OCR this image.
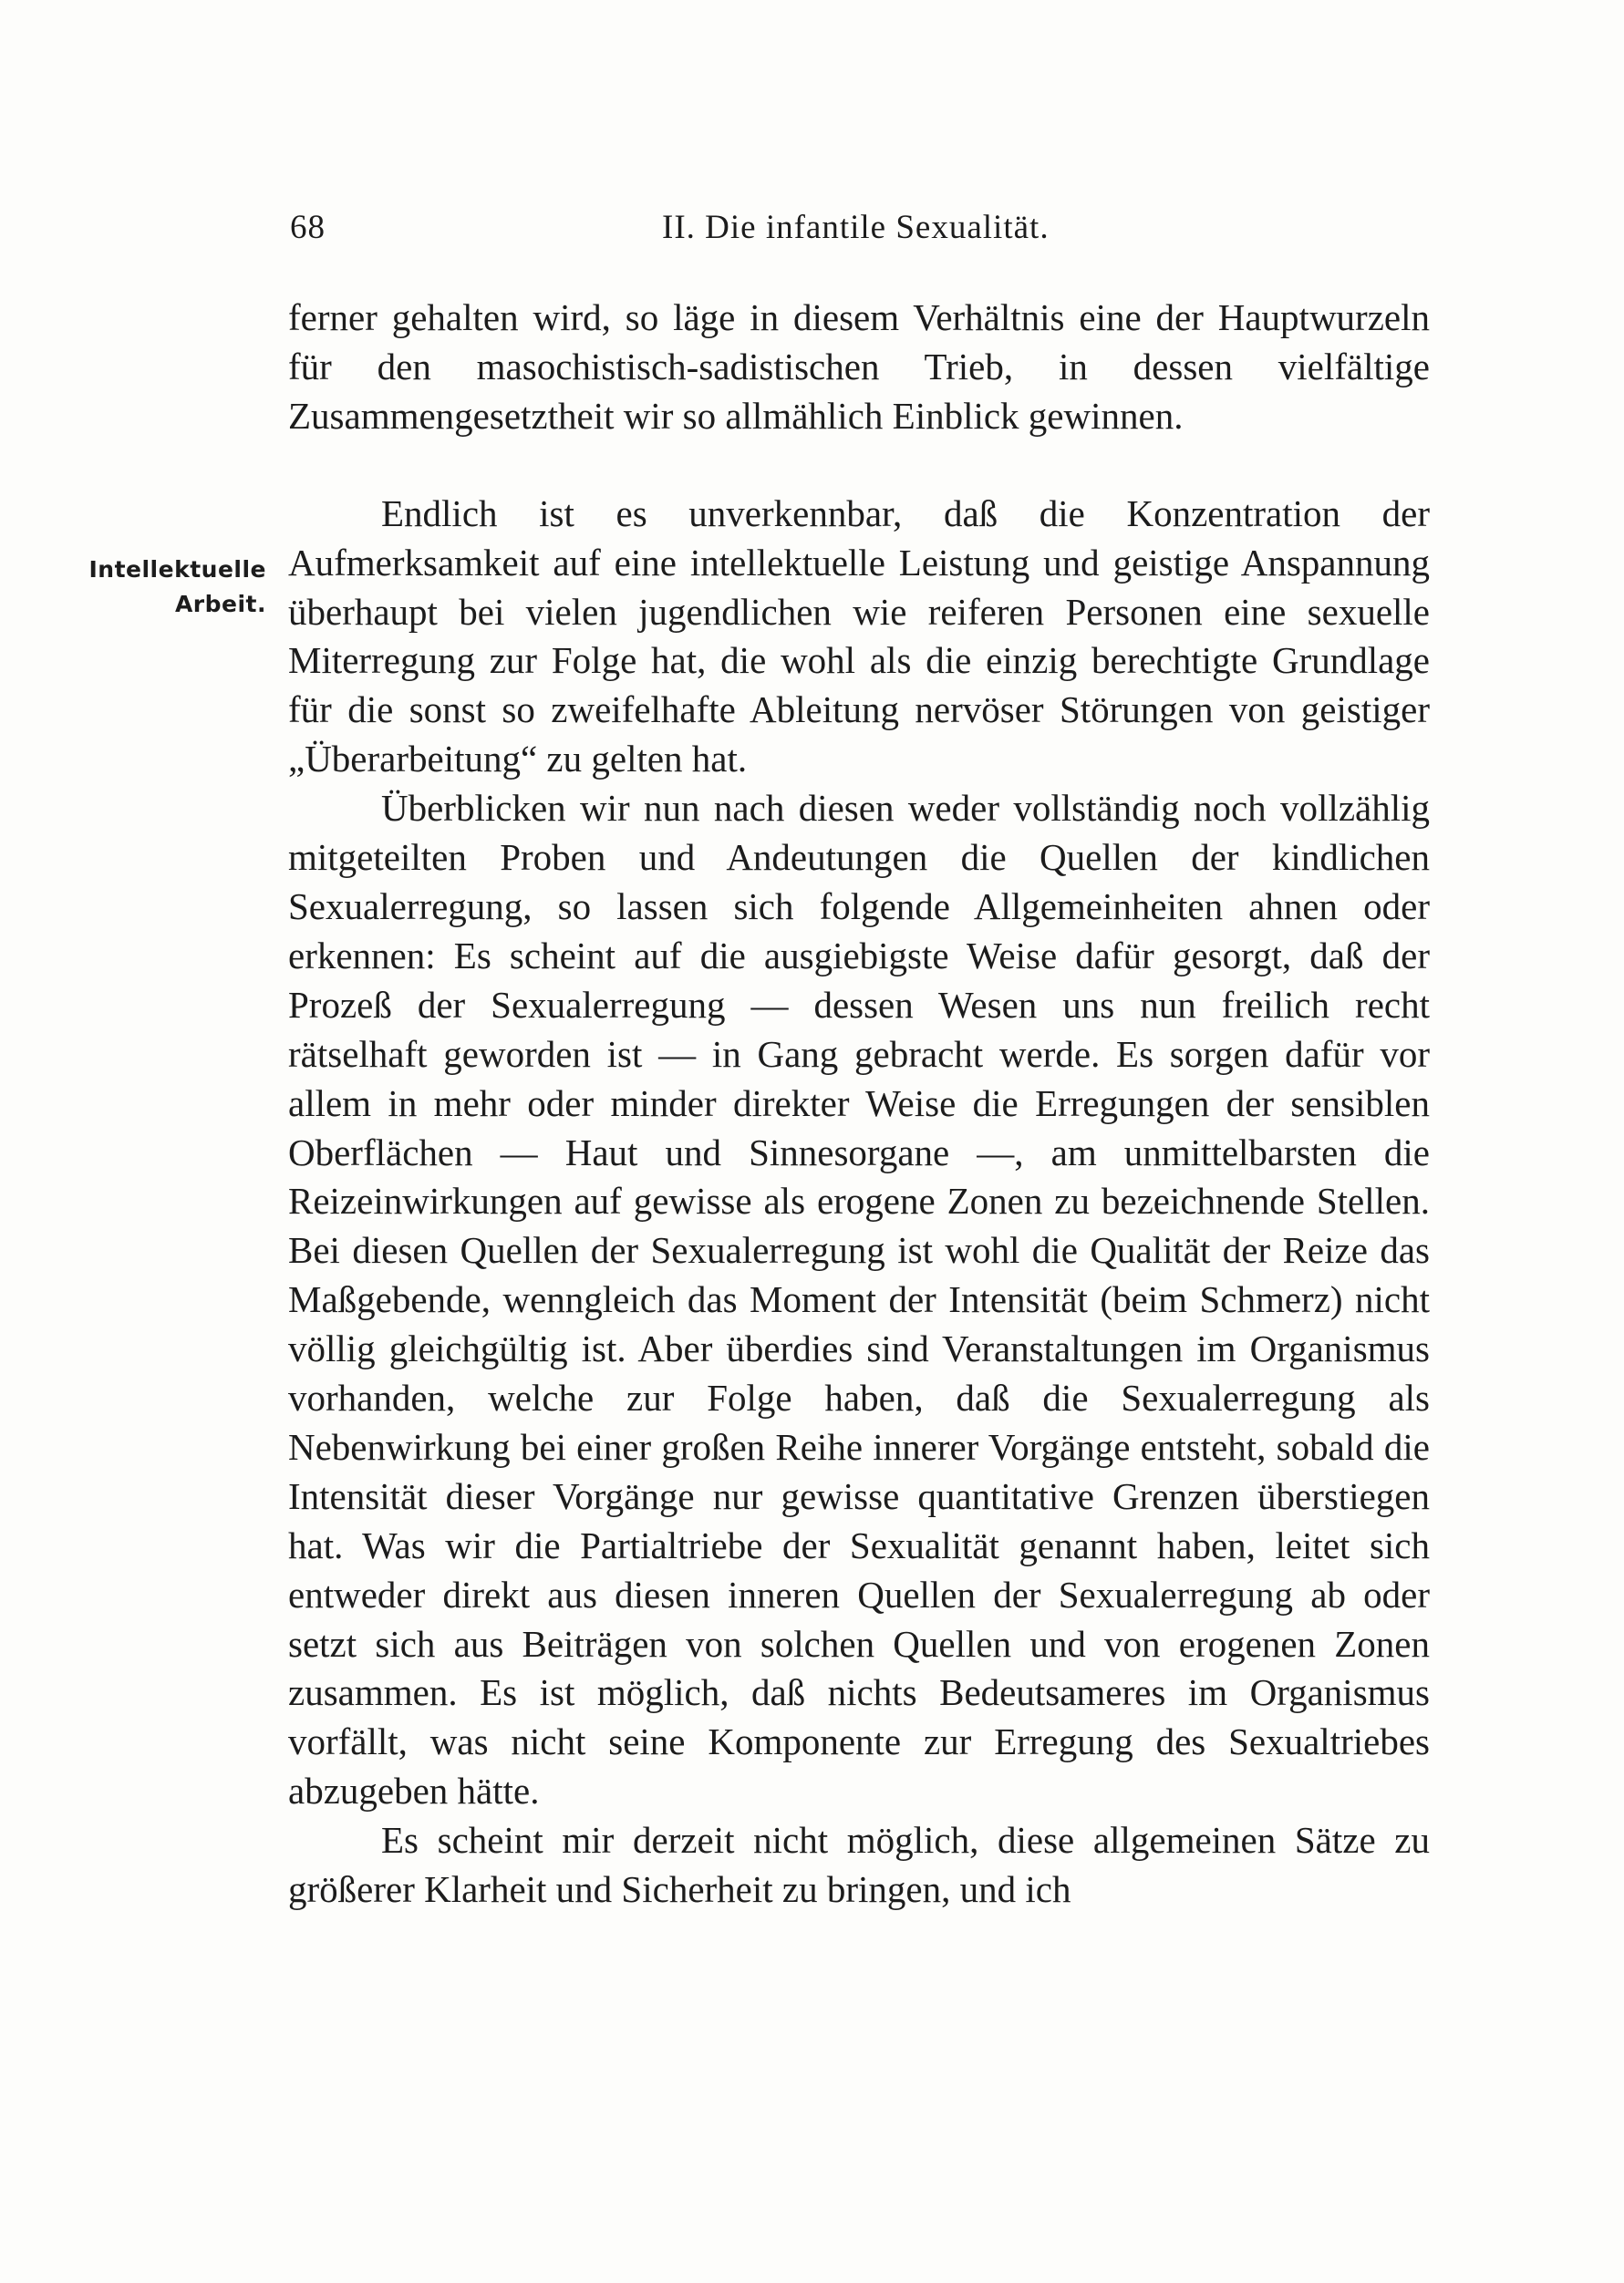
68	II. Die infantile Sexualität.
Intellektuelle
Arbeit.

ferner gehalten wird, so läge in diesem Verhältnis eine der Hauptwurzeln für den masochistisch-sadistischen Trieb, in dessen vielfältige Zusammengesetztheit wir so allmählich Einblick gewinnen.

Endlich ist es unverkennbar, daß die Konzentration der Aufmerksamkeit auf eine intellektuelle Leistung und geistige Anspannung überhaupt bei vielen jugendlichen wie reiferen Personen eine sexuelle Miterregung zur Folge hat, die wohl als die einzig berechtigte Grundlage für die sonst so zweifelhafte Ableitung nervöser Störungen von geistiger „Überarbeitung“ zu gelten hat.

Überblicken wir nun nach diesen weder vollständig noch vollzählig mitgeteilten Proben und Andeutungen die Quellen der kindlichen Sexualerregung, so lassen sich folgende Allgemeinheiten ahnen oder erkennen: Es scheint auf die ausgiebigste Weise dafür gesorgt, daß der Prozeß der Sexualerregung — dessen Wesen uns nun freilich recht rätselhaft geworden ist — in Gang gebracht werde. Es sorgen dafür vor allem in mehr oder minder direkter Weise die Erregungen der sensiblen Oberflächen — Haut und Sinnesorgane —, am unmittelbarsten die Reizeinwirkungen auf gewisse als erogene Zonen zu bezeichnende Stellen. Bei diesen Quellen der Sexualerregung ist wohl die Qualität der Reize das Maßgebende, wenngleich das Moment der Intensität (beim Schmerz) nicht völlig gleichgültig ist. Aber überdies sind Veranstaltungen im Organismus vorhanden, welche zur Folge haben, daß die Sexualerregung als Nebenwirkung bei einer großen Reihe innerer Vorgänge entsteht, sobald die Intensität dieser Vorgänge nur gewisse quantitative Grenzen überstiegen hat. Was wir die Partialtriebe der Sexualität genannt haben, leitet sich entweder direkt aus diesen inneren Quellen der Sexualerregung ab oder setzt sich aus Beiträgen von solchen Quellen und von erogenen Zonen zusammen. Es ist möglich, daß nichts Bedeutsameres im Organismus vorfällt, was nicht seine Komponente zur Erregung des Sexualtriebes abzugeben hätte.

Es scheint mir derzeit nicht möglich, diese allgemeinen Sätze zu größerer Klarheit und Sicherheit zu bringen, und ich
